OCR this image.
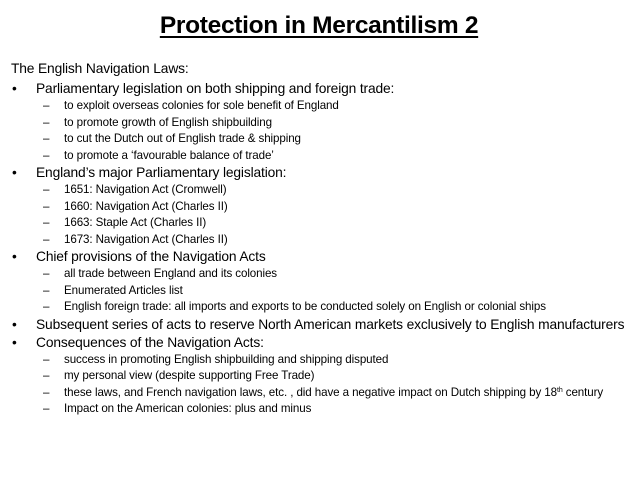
Protection in Mercantilism 2
The English Navigation Laws:
• Parliamentary legislation on both shipping and foreign trade:
– to exploit overseas colonies for sole benefit of England
– to promote growth of English shipbuilding
– to cut the Dutch out of English trade & shipping
– to promote a ‘favourable balance of trade’
• England’s major Parliamentary legislation:
– 1651: Navigation Act (Cromwell)
– 1660: Navigation Act (Charles II)
– 1663: Staple Act (Charles II)
– 1673: Navigation Act (Charles II)
• Chief provisions of the Navigation Acts
– all trade between England and its colonies
– Enumerated Articles list
– English foreign trade: all imports and exports to be conducted solely on English or colonial ships
• Subsequent series of acts to reserve North American markets exclusively to English manufacturers
• Consequences of the Navigation Acts:
– success in promoting English shipbuilding and shipping disputed
– my personal view (despite supporting Free Trade)
– these laws, and French navigation laws, etc. , did have a negative impact on Dutch shipping by 18th century
– Impact on the American colonies: plus and minus
